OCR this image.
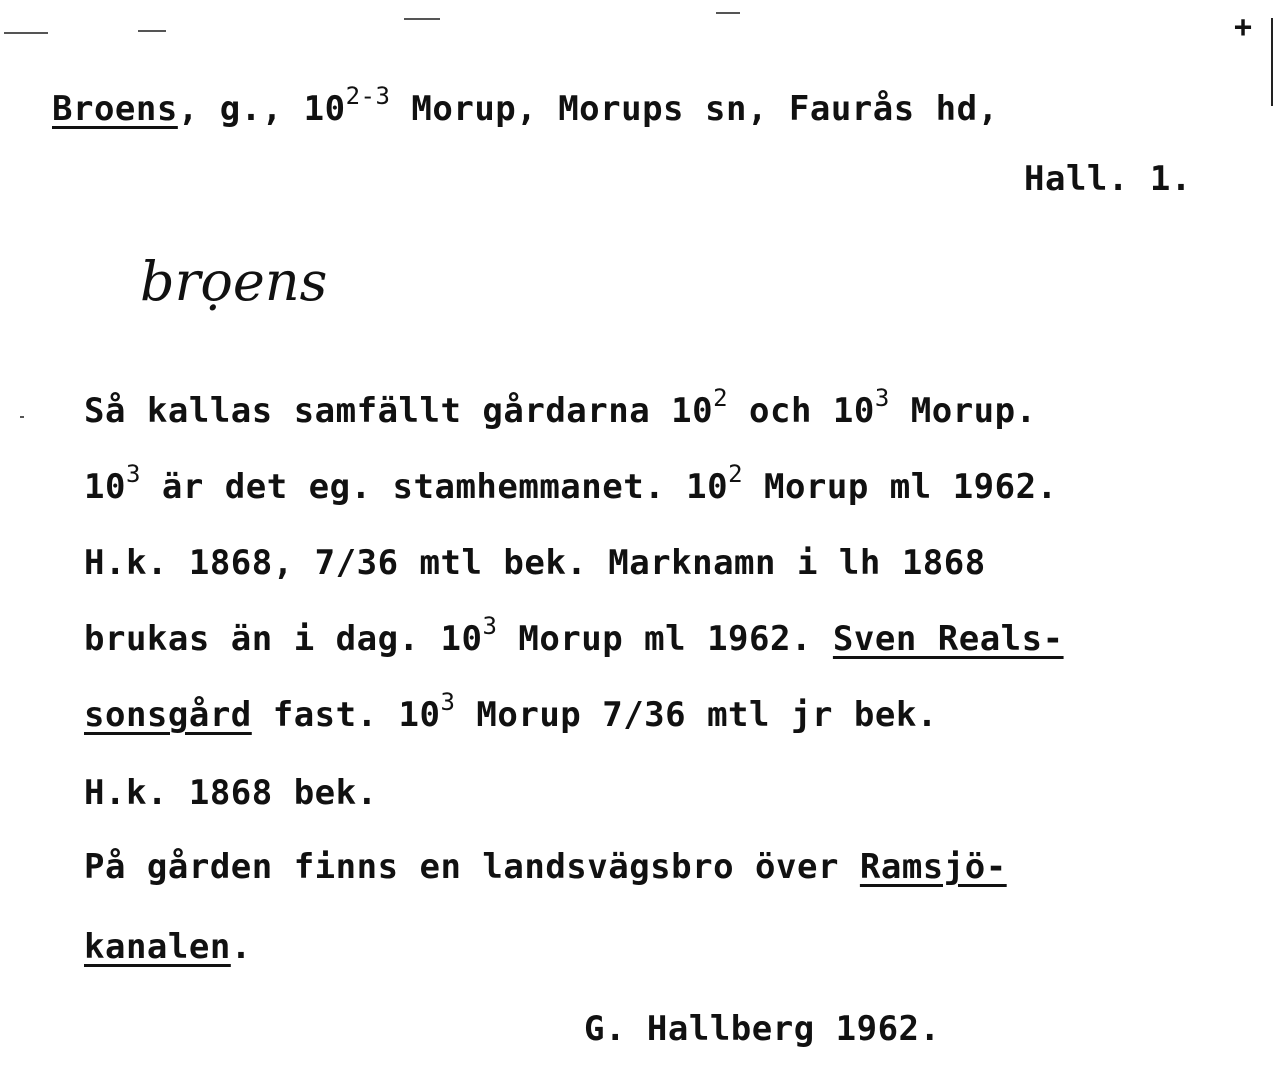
+
Broens, g., 10$^{2-3}$ Morup, Morups sn, Faurås hd,
Hall. 1.
brọens
Så kallas samfällt gårdarna $10^2$ och $10^3$ Morup.
$10^3$ är det eg. stamhemmanet. $10^2$ Morup ml 1962.
H.k. 1868, 7/36 mtl bek. Marknamn i lh 1868
brukas än i dag. $10^3$ Morup ml 1962. Sven Reals-
sonsgård fast. $10^3$ Morup 7/36 mtl jr bek.
H.k. 1868 bek.
På gården finns en landsvägsbro över Ramsjö-
kanalen.
G. Hallberg 1962.
